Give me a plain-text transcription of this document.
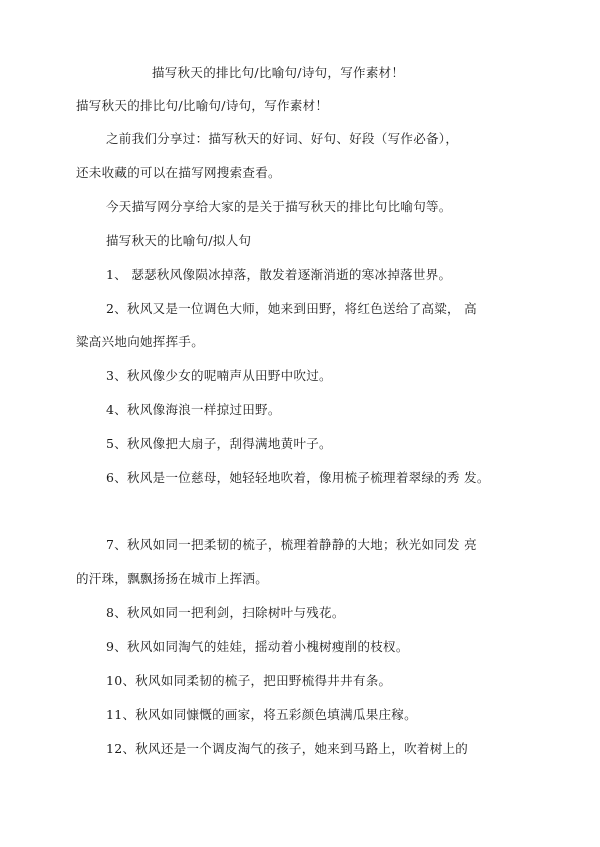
描写秋天的排比句/比喻句/诗句，写作素材！
描写秋天的排比句/比喻句/诗句，写作素材！
之前我们分享过：描写秋天的好词、好句、好段（写作必备），
还未收藏的可以在描写网搜索查看。
今天描写网分享给大家的是关于描写秋天的排比句比喻句等。
描写秋天的比喻句/拟人句
1、 瑟瑟秋风像陨冰掉落，散发着逐渐消逝的寒冰掉落世界。
2、秋风又是一位调色大师，她来到田野，将红色送给了高粱， 高
粱高兴地向她挥挥手。
3、秋风像少女的呢喃声从田野中吹过。
4、秋风像海浪一样掠过田野。
5、秋风像把大扇子，刮得满地黄叶子。
6、秋风是一位慈母，她轻轻地吹着，像用梳子梳理着翠绿的秀 发。
7、秋风如同一把柔韧的梳子，梳理着静静的大地；秋光如同发 亮
的汗珠，飘飘扬扬在城市上挥洒。
8、秋风如同一把利剑，扫除树叶与残花。
9、秋风如同淘气的娃娃，摇动着小槐树瘦削的枝杈。
10、秋风如同柔韧的梳子，把田野梳得井井有条。
11、秋风如同慷慨的画家，将五彩颜色填满瓜果庄稼。
12、秋风还是一个调皮淘气的孩子，她来到马路上，吹着树上的
